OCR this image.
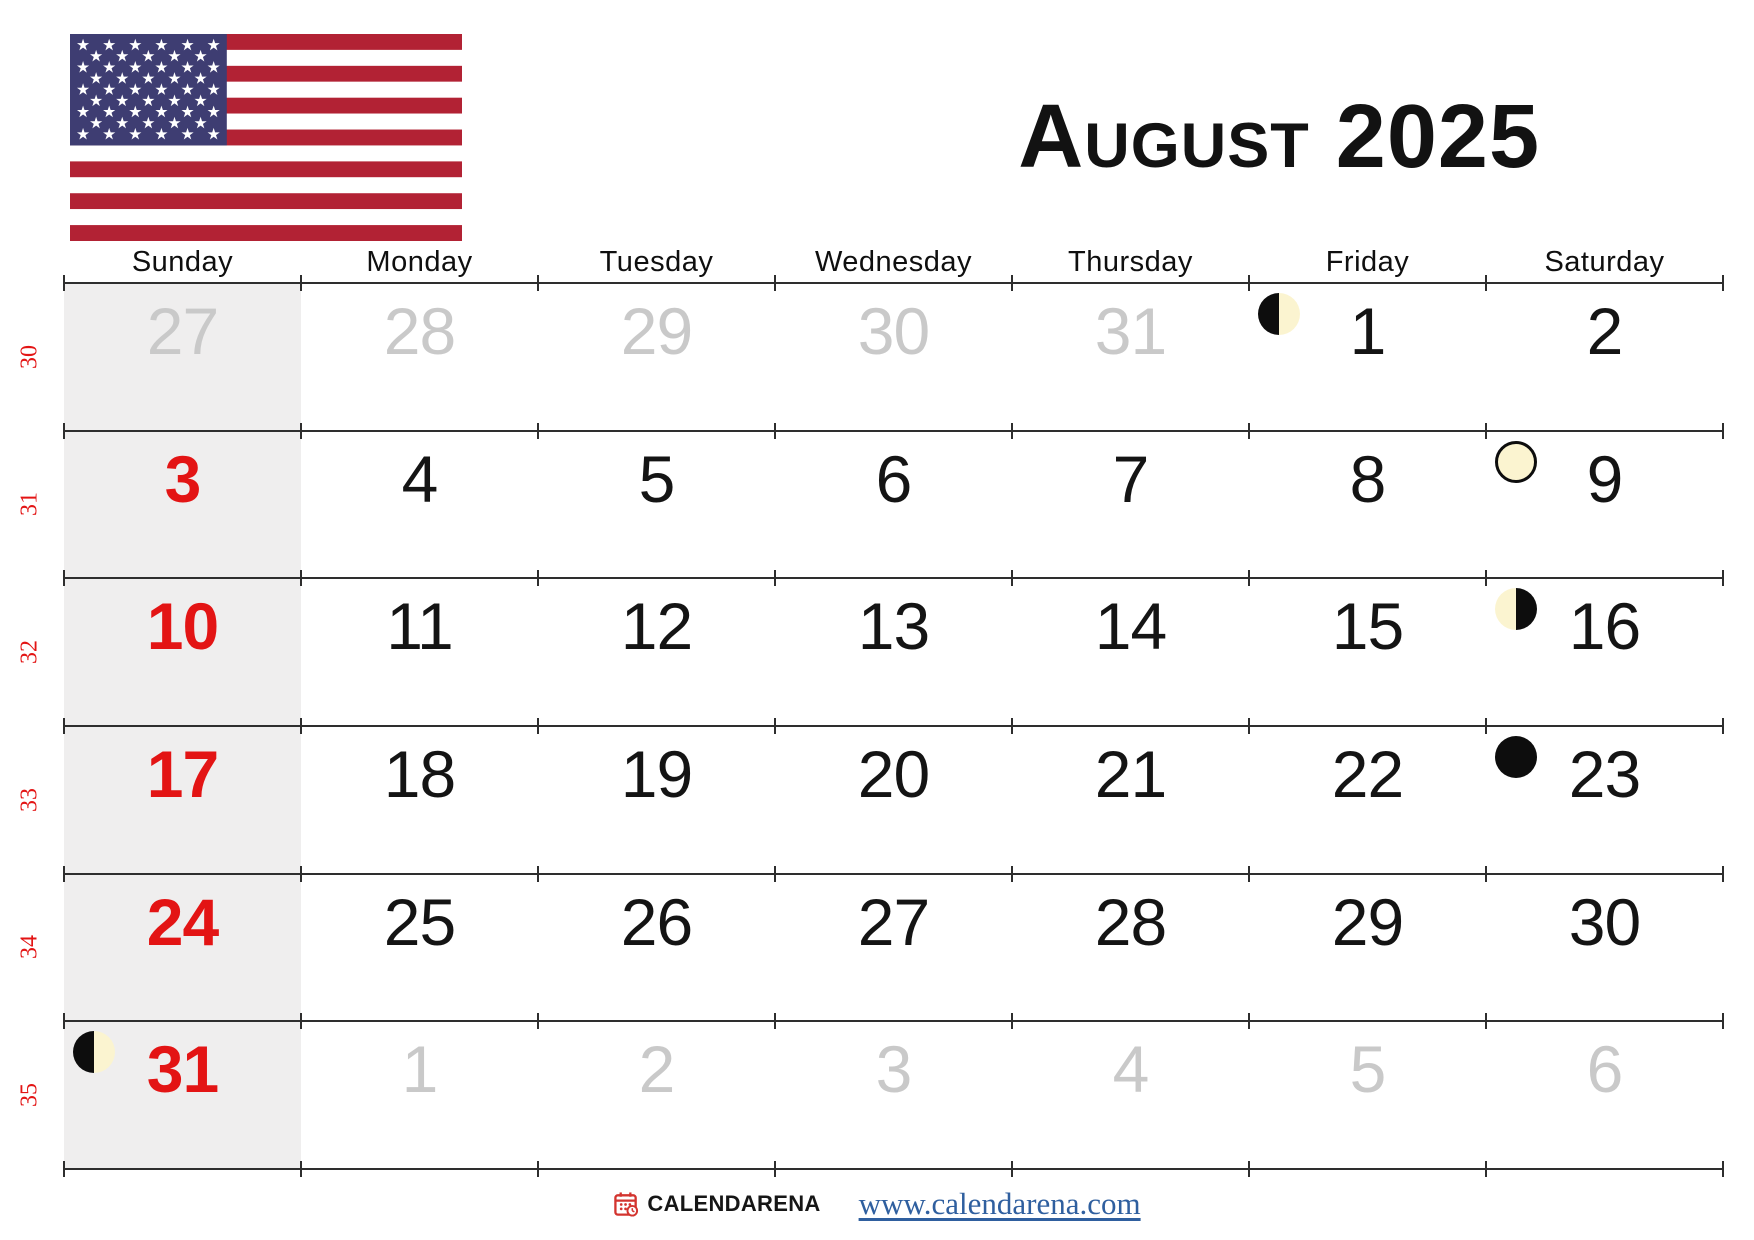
August 2025
Sunday	Monday	Tuesday	Wednesday	Thursday	Friday	Saturday
27	28	29	30	31	1	2
30
3	4	5	6	7	8	9
31
10	11	12	13	14	15	16
32
17	18	19	20	21	22	23
33
24	25	26	27	28	29	30
34
31	1	2	3	4	5	6
35
CALENDARENA www.calendarena.com
